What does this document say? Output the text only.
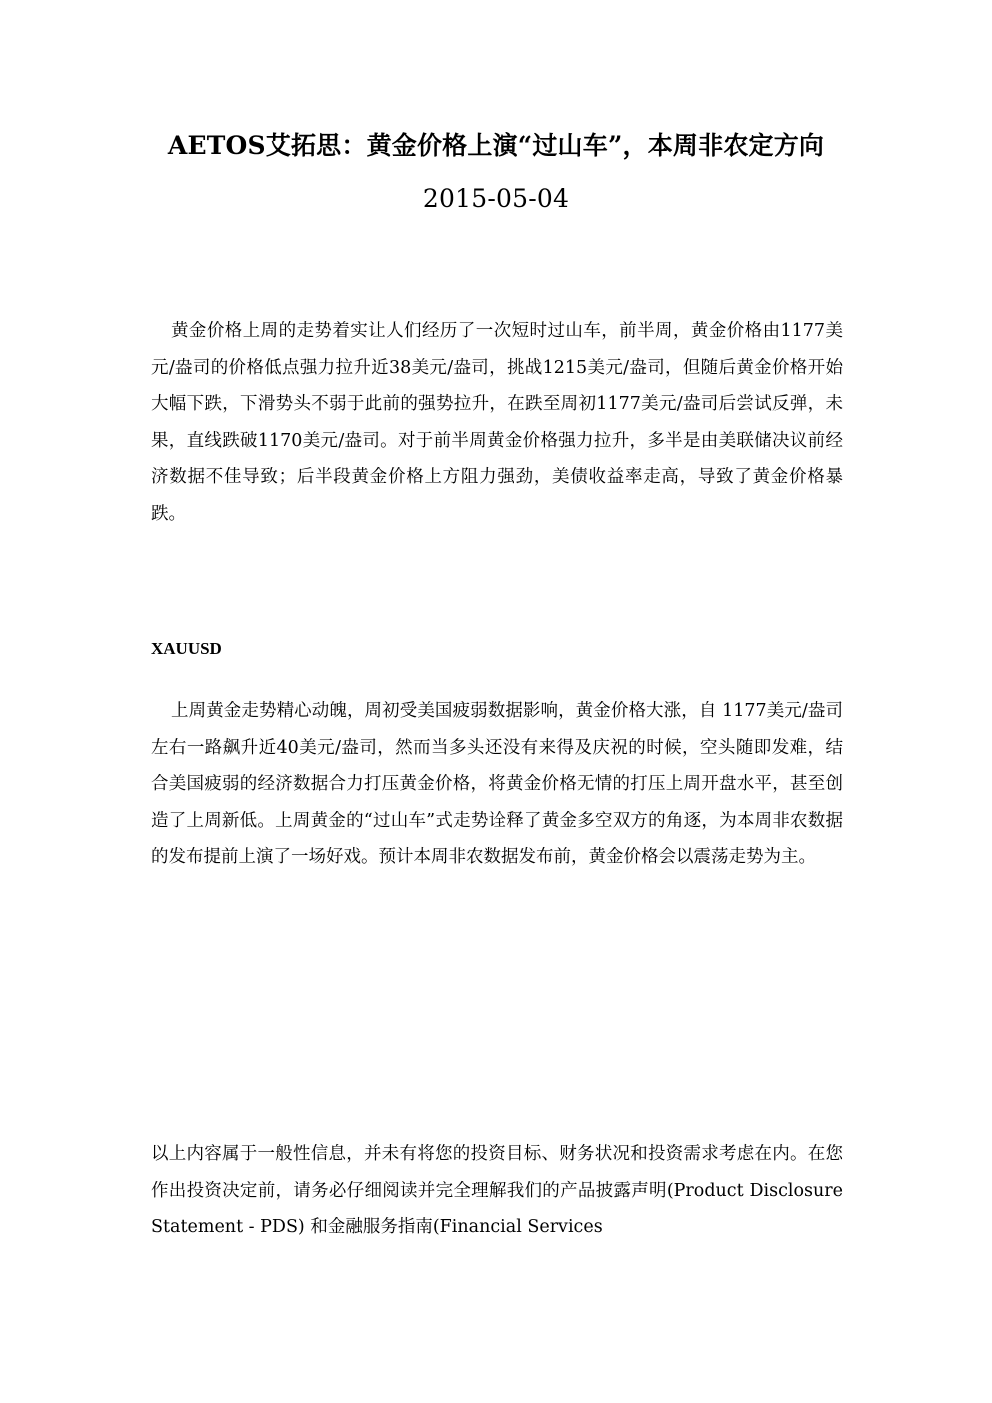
AETOS艾拓思：黄金价格上演“过山车”，本周非农定方向
2015-05-04
黄金价格上周的走势着实让人们经历了一次短时过山车，前半周，黄金价格由1177美元/盎司的价格低点强力拉升近38美元/盎司，挑战1215美元/盎司，但随后黄金价格开始大幅下跌，下滑势头不弱于此前的强势拉升，在跌至周初1177美元/盎司后尝试反弹，未果，直线跌破1170美元/盎司。对于前半周黄金价格强力拉升，多半是由美联储决议前经济数据不佳导致；后半段黄金价格上方阻力强劲，美债收益率走高，导致了黄金价格暴跌。
XAUUSD
上周黄金走势精心动魄，周初受美国疲弱数据影响，黄金价格大涨，自 1177美元/盎司左右一路飙升近40美元/盎司，然而当多头还没有来得及庆祝的时候，空头随即发难，结合美国疲弱的经济数据合力打压黄金价格，将黄金价格无情的打压上周开盘水平，甚至创造了上周新低。上周黄金的“过山车”式走势诠释了黄金多空双方的角逐，为本周非农数据的发布提前上演了一场好戏。预计本周非农数据发布前，黄金价格会以震荡走势为主。
以上内容属于一般性信息，并未有将您的投资目标、财务状况和投资需求考虑在内。在您作出投资决定前，请务必仔细阅读并完全理解我们的产品披露声明(Product Disclosure Statement - PDS) 和金融服务指南(Financial Services
